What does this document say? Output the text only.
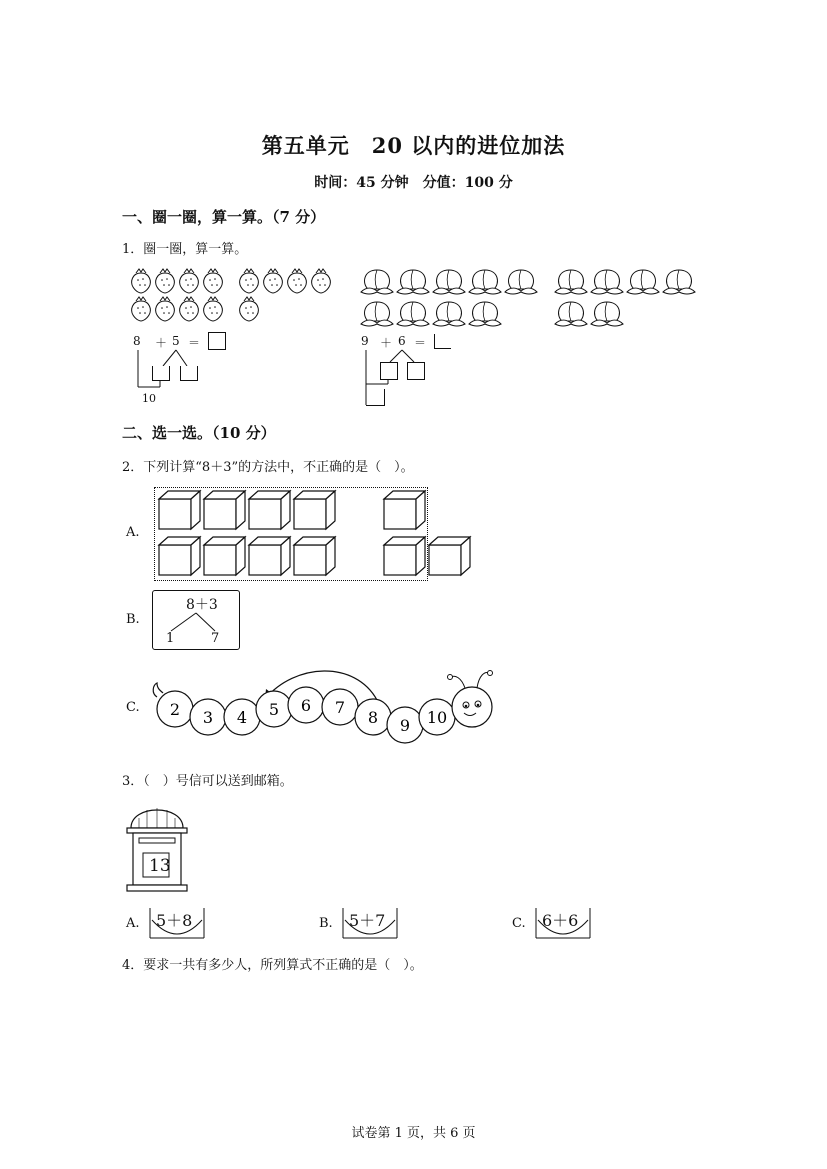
第五单元　20 以内的进位加法
时间：45 分钟　分值：100 分
一、圈一圈，算一算。（7 分）
1．圈一圈，算一算。
8 ＋ 5 ＝
10
9 ＋ 6 ＝
二、选一选。（10 分）
2．下列计算“8＋3”的方法中，不正确的是（　）。
A.
B.
8＋3
1	7
C. 2 3 4 5 6 7
8 9 10
3．（　）号信可以送到邮箱。
13
A. 5＋8	B. 5＋7	C. 6＋6
4．要求一共有多少人，所列算式不正确的是（　）。
试卷第 1 页，共 6 页
